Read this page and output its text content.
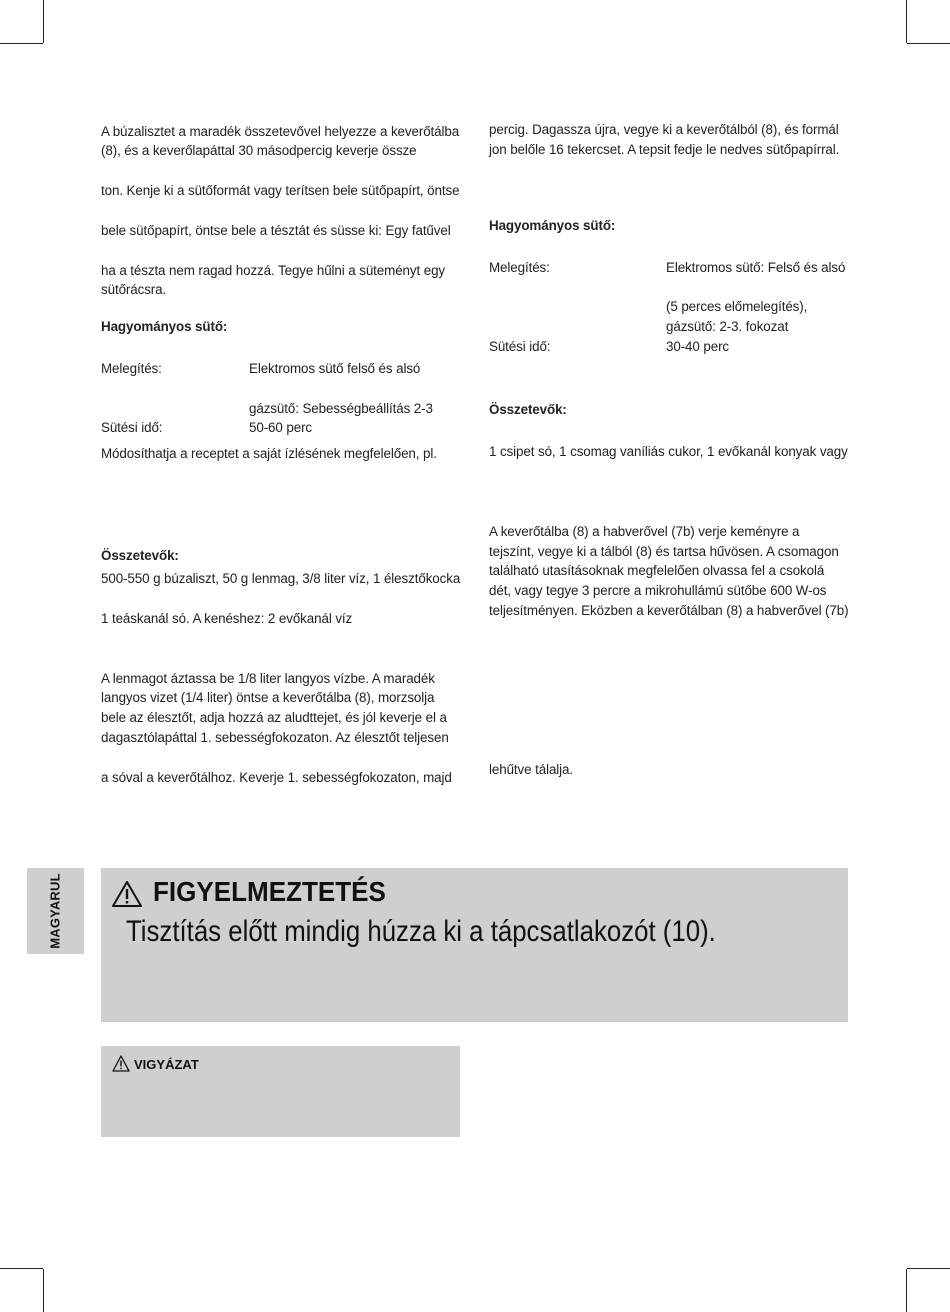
A búzalisztet a maradék összetevővel helyezze a keverőtálba

(8), és a keverőlapáttal 30 másodpercig keverje össze

ton. Kenje ki a sütőformát vagy terítsen bele sütőpapírt, öntse

bele sütőpapírt, öntse bele a tésztát és süsse ki: Egy fatűvel

ha a tészta nem ragad hozzá. Tegye hűlni a süteményt egy

sütőrácsra.

Hagyományos sütő:

Melegítés:	Elektromos sütő felső és alsó

gázsütő: Sebességbeállítás 2-3

Sütési idő:	50-60 perc

Módosíthatja a receptet a saját ízlésének megfelelően, pl.

Összetevők:

500-550 g búzaliszt, 50 g lenmag, 3/8 liter víz, 1 élesztőkocka

1 teáskanál só. A kenéshez: 2 evőkanál víz

A lenmagot áztassa be 1/8 liter langyos vízbe. A maradék

langyos vizet (1/4 liter) öntse a keverőtálba (8), morzsolja

bele az élesztőt, adja hozzá az aludttejet, és jól keverje el a

dagasztólapáttal 1. sebességfokozaton. Az élesztőt teljesen

a sóval a keverőtálhoz. Keverje 1. sebességfokozaton, majd

percig. Dagassza újra, vegye ki a keverőtálból (8), és formál

jon belőle 16 tekercset. A tepsit fedje le nedves sütőpapírral.

Hagyományos sütő:

Melegítés:	Elektromos sütő: Felső és alsó

(5 perces előmelegítés),

gázsütő: 2-3. fokozat

Sütési idő:	30-40 perc

Összetevők:

1 csipet só, 1 csomag vaníliás cukor, 1 evőkanál konyak vagy

A keverőtálba (8) a habverővel (7b) verje keményre a

tejszínt, vegye ki a tálból (8) és tartsa hűvösen. A csomagon

található utasításoknak megfelelően olvassa fel a csokolá

dét, vagy tegye 3 percre a mikrohullámú sütőbe 600 W-os

teljesítményen. Eközben a keverőtálban (8) a habverővel (7b)

lehűtve tálalja.

MAGYARUL	FIGYELMEZTETÉS
Tisztítás előtt mindig húzza ki a tápcsatlakozót (10).
VIGYÁZAT
